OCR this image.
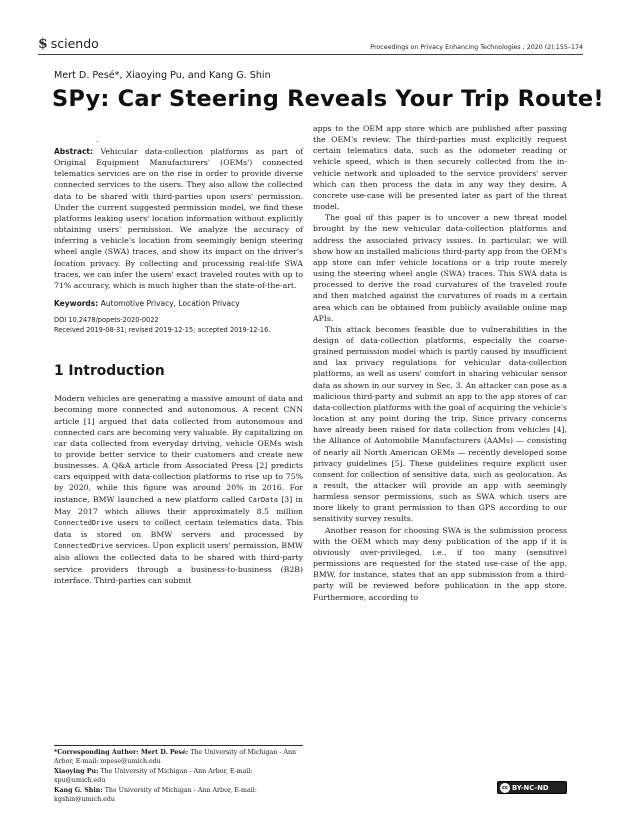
$ sciendo	Proceedings on Privacy Enhancing Technologies ; 2020 (2):155–174
Mert D. Pesé*, Xiaoying Pu, and Kang G. Shin
SPy: Car Steering Reveals Your Trip Route!
.

Abstract: Vehicular data-collection platforms as part of Original Equipment Manufacturers' (OEMs') connected telematics services are on the rise in order to provide diverse connected services to the users. They also allow the collected data to be shared with third-parties upon users' permission. Under the current suggested permission model, we find these platforms leaking users' location information without explicitly obtaining users' permission. We analyze the accuracy of inferring a vehicle's location from seemingly benign steering wheel angle (SWA) traces, and show its impact on the driver's location privacy. By collecting and processing real-life SWA traces, we can infer the users' exact traveled routes with up to 71% accuracy, which is much higher than the state-of-the-art.

Keywords: Automotive Privacy, Location Privacy

DOI 10.2478/popets-2020-0022
Received 2019-08-31; revised 2019-12-15; accepted 2019-12-16.
1 Introduction

Modern vehicles are generating a massive amount of data and becoming more connected and autonomous. A recent CNN article [1] argued that data collected from autonomous and connected cars are becoming very valuable. By capitalizing on car data collected from everyday driving, vehicle OEMs wish to provide better service to their customers and create new businesses. A Q&A article from Associated Press [2] predicts cars equipped with data-collection platforms to rise up to 75% by 2020, while this figure was around 20% in 2016. For instance, BMW launched a new platform called CarData [3] in May 2017 which allows their approximately 8.5 million ConnectedDrive users to collect certain telematics data. This data is stored on BMW servers and processed by ConnectedDrive services. Upon explicit users' permission, BMW also allows the collected data to be shared with third-party service providers through a business-to-business (B2B) interface. Third-parties can submit

apps to the OEM app store which are published after passing the OEM's review. The third-parties must explicitly request certain telematics data, such as the odometer reading or vehicle speed, which is then securely collected from the in-vehicle network and uploaded to the service providers' server which can then process the data in any way they desire. A concrete use-case will be presented later as part of the threat model.

The goal of this paper is to uncover a new threat model brought by the new vehicular data-collection platforms and address the associated privacy issues. In particular, we will show how an installed malicious third-party app from the OEM's app store can infer vehicle locations or a trip route merely using the steering wheel angle (SWA) traces. This SWA data is processed to derive the road curvatures of the traveled route and then matched against the curvatures of roads in a certain area which can be obtained from publicly available online map APIs.

This attack becomes feasible due to vulnerabilities in the design of data-collection platforms, especially the coarse-grained permission model which is partly caused by insufficient and lax privacy regulations for vehicular data-collection platforms, as well as users' comfort in sharing vehicular sensor data as shown in our survey in Sec. 3. An attacker can pose as a malicious third-party and submit an app to the app stores of car data-collection platforms with the goal of acquiring the vehicle's location at any point during the trip. Since privacy concerns have already been raised for data collection from vehicles [4], the Alliance of Automobile Manufacturers (AAMs) — consisting of nearly all North American OEMs — recently developed some privacy guidelines [5]. These guidelines require explicit user consent for collection of sensitive data, such as geolocation. As a result, the attacker will provide an app with seemingly harmless sensor permissions, such as SWA which users are more likely to grant permission to than GPS according to our sensitivity survey results.

Another reason for choosing SWA is the submission process with the OEM which may deny publication of the app if it is obviously over-privileged, i.e., if too many (sensitive) permissions are requested for the stated use-case of the app. BMW, for instance, states that an app submission from a third-party will be reviewed before publication in the app store. Furthermore, according to

*Corresponding Author: Mert D. Pesé: The University of Michigan - Ann Arbor, E-mail: mpese@umich.edu
Xiaoying Pu: The University of Michigan - Ann Arbor, E-mail: xpu@umich.edu
Kang G. Shin: The University of Michigan - Ann Arbor, E-mail: kgshin@umich.edu
cc BY-NC-ND
